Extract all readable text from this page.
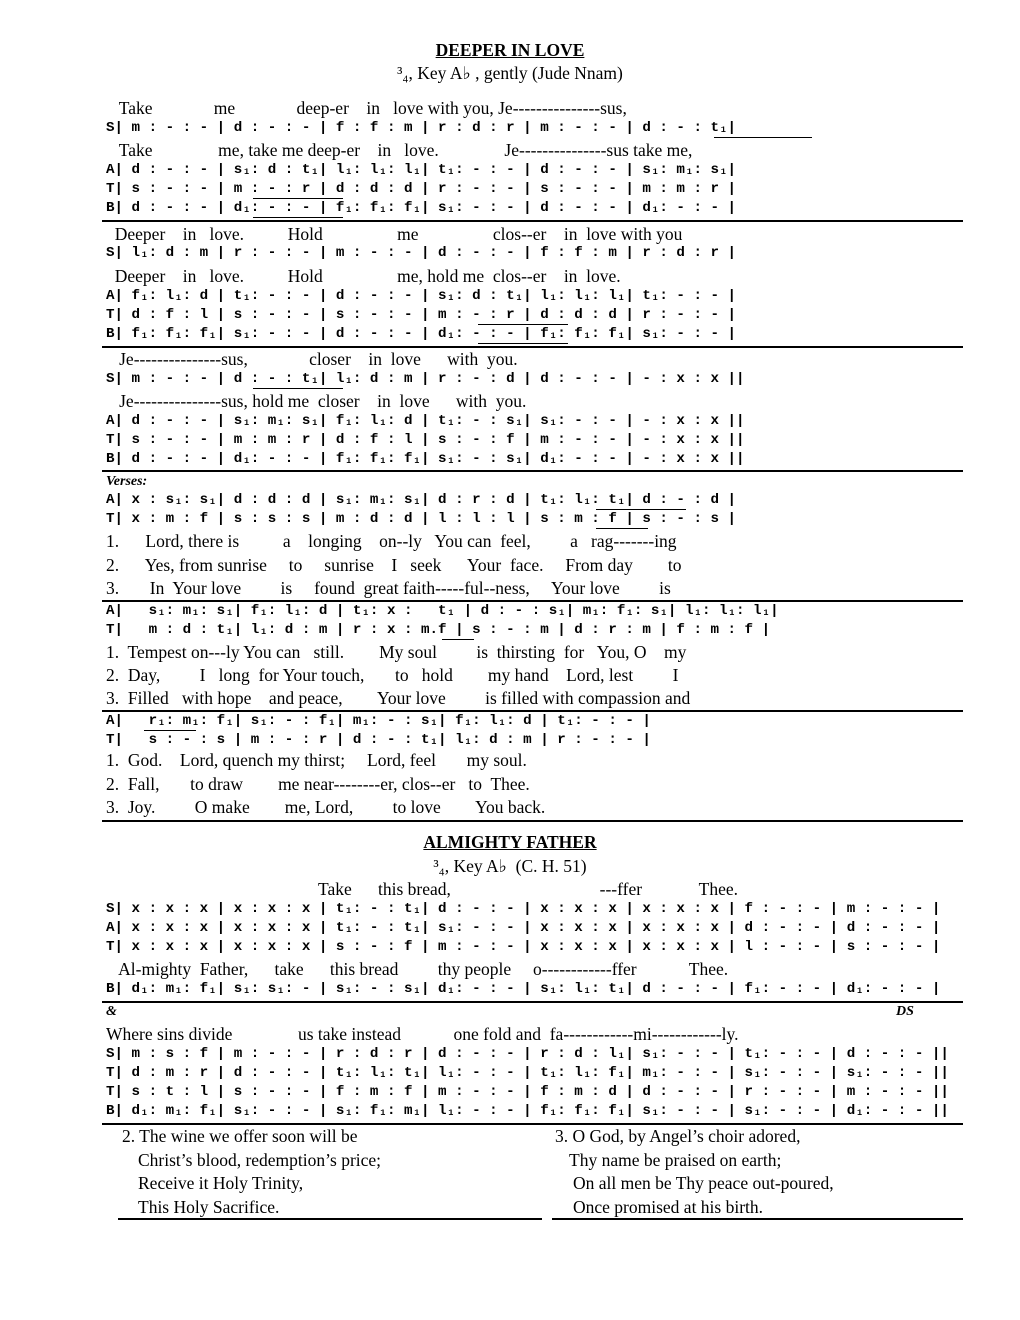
DEEPER IN LOVE
³₄, Key A♭ , gently (Jude Nnam)
Take              me              deep-er    in   love with you, Je---------------sus,
S| m : - : - | d : - : - | f : f : m | r : d : r | m : - : - | d : - : t₁|
Take               me, take me deep-er    in   love.               Je---------------sus take me,
A| d : - : - | s₁: d : t₁| l₁: l₁: l₁| t₁: - : - | d : - : - | s₁: m₁: s₁|
T| s : - : - | m : - : r | d : d : d | r : - : - | s : - : - | m : m : r |
B| d : - : - | d₁: - : - | f₁: f₁: f₁| s₁: - : - | d : - : - | d₁: - : - |
Deeper    in   love.          Hold                 me                 clos--er    in  love with you
S| l₁: d : m | r : - : - | m : - : - | d : - : - | f : f : m | r : d : r |
Deeper    in   love.          Hold                 me, hold me  clos--er    in  love.
A| f₁: l₁: d | t₁: - : - | d : - : - | s₁: d : t₁| l₁: l₁: l₁| t₁: - : - |
T| d : f : l | s : - : - | s : - : - | m : - : r | d : d : d | r : - : - |
B| f₁: f₁: f₁| s₁: - : - | d : - : - | d₁: - : - | f₁: f₁: f₁| s₁: - : - |
Je---------------sus,              closer    in  love      with  you.
S| m : - : - | d : - : t₁| l₁: d : m | r : - : d | d : - : - | - : x : x ||
Je---------------sus, hold me  closer    in  love      with  you.
A| d : - : - | s₁: m₁: s₁| f₁: l₁: d | t₁: - : s₁| s₁: - : - | - : x : x ||
T| s : - : - | m : m : r | d : f : l | s : - : f | m : - : - | - : x : x ||
B| d : - : - | d₁: - : - | f₁: f₁: f₁| s₁: - : s₁| d₁: - : - | - : x : x ||
Verses:
A| x : s₁: s₁| d : d : d | s₁: m₁: s₁| d : r : d | t₁: l₁: t₁| d : - : d |
T| x : m : f | s : s : s | m : d : d | l : l : l | s : m : f | s : - : s |
1.      Lord, there is          a    longing    on--ly   You can  feel,         a   rag-------ing
2.      Yes, from sunrise     to     sunrise    I   seek      Your  face.     From day        to
3.       In  Your love         is     found  great faith-----ful--ness,     Your love         is
A|   s₁: m₁: s₁| f₁: l₁: d | t₁: x :   t₁ | d : - : s₁| m₁: f₁: s₁| l₁: l₁: l₁|
T|   m : d : t₁| l₁: d : m | r : x : m.f | s : - : m | d : r : m | f : m : f |
1.  Tempest on---ly You can   still.        My soul         is  thirsting  for   You, O    my
2.  Day,         I   long  for Your touch,       to   hold        my hand    Lord, lest         I
3.  Filled   with hope    and peace,        Your love         is filled with compassion and
A|   r₁: m₁: f₁| s₁: - : f₁| m₁: - : s₁| f₁: l₁: d | t₁: - : - |
T|   s : - : s | m : - : r | d : - : t₁| l₁: d : m | r : - : - |
1.  God.    Lord, quench my thirst;     Lord, feel       my soul.
2.  Fall,       to draw        me near--------er, clos--er   to  Thee.
3.  Joy.         O make        me, Lord,         to love        You back.
ALMIGHTY FATHER
³₄, Key A♭  (C. H. 51)
Take      this bread,                                  ---ffer             Thee.
S| x : x : x | x : x : x | t₁: - : t₁| d : - : - | x : x : x | x : x : x | f : - : - | m : - : - |
A| x : x : x | x : x : x | t₁: - : t₁| s₁: - : - | x : x : x | x : x : x | d : - : - | d : - : - |
T| x : x : x | x : x : x | s : - : f | m : - : - | x : x : x | x : x : x | l : - : - | s : - : - |
Al-mighty  Father,      take      this bread         thy people     o------------ffer            Thee.
B| d₁: m₁: f₁| s₁: s₁: - | s₁: - : s₁| d₁: - : - | s₁: l₁: t₁| d : - : - | f₁: - : - | d₁: - : - |
&	DS
Where sins divide               us take instead            one fold and  fa------------mi------------ly.
S| m : s : f | m : - : - | r : d : r | d : - : - | r : d : l₁| s₁: - : - | t₁: - : - | d : - : - ||
T| d : m : r | d : - : - | t₁: l₁: t₁| l₁: - : - | t₁: l₁: f₁| m₁: - : - | s₁: - : - | s₁: - : - ||
T| s : t : l | s : - : - | f : m : f | m : - : - | f : m : d | d : - : - | r : - : - | m : - : - ||
B| d₁: m₁: f₁| s₁: - : - | s₁: f₁: m₁| l₁: - : - | f₁: f₁: f₁| s₁: - : - | s₁: - : - | d₁: - : - ||
2. The wine we offer soon will be
Christ’s blood, redemption’s price;
Receive it Holy Trinity,
This Holy Sacrifice.
3. O God, by Angel’s choir adored,
Thy name be praised on earth;
On all men be Thy peace out-poured,
Once promised at his birth.
